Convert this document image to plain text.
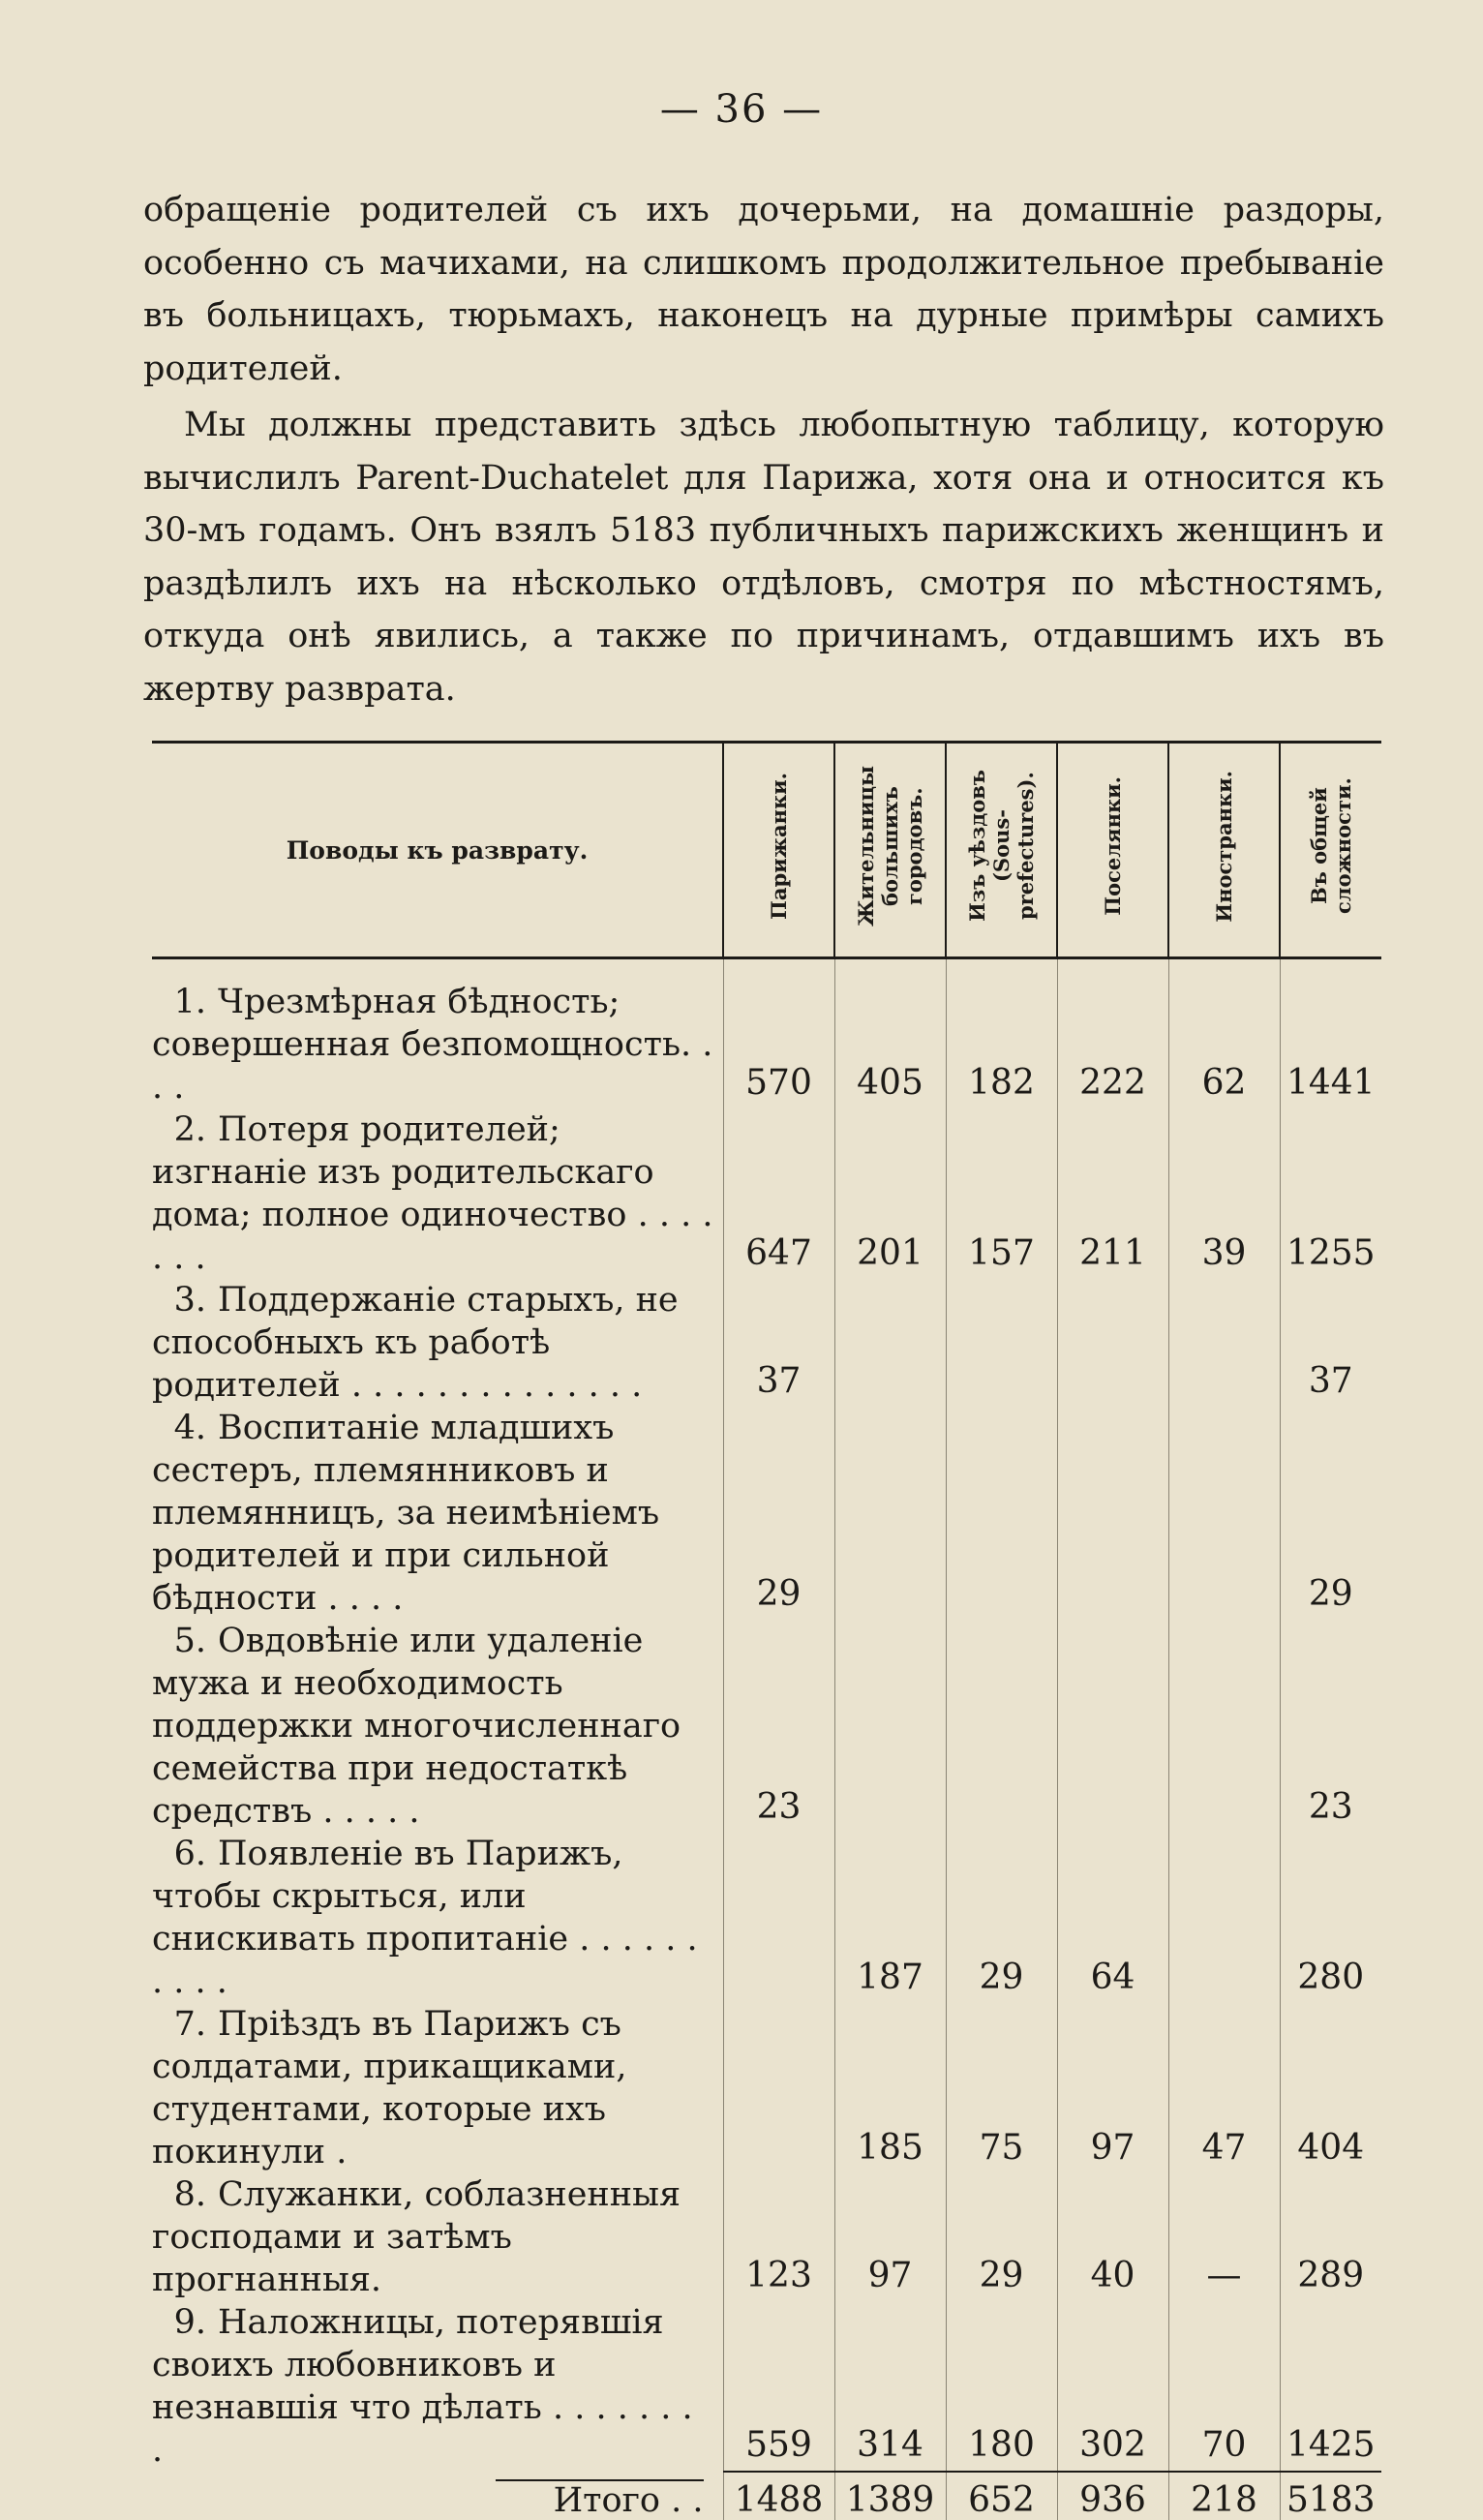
— 36 —

обращеніе родителей съ ихъ дочерьми, на домашніе раздоры, особенно съ мачихами, на слишкомъ продолжительное пребываніе въ больницахъ, тюрьмахъ, наконецъ на дурные примѣры самихъ родителей.

Мы должны представить здѣсь любопытную таблицу, которую вычислилъ Parent-Duchatelet для Парижа, хотя она и относится къ 30-мъ годамъ. Онъ взялъ 5183 публичныхъ парижскихъ женщинъ и раздѣлилъ ихъ на нѣсколько отдѣловъ, смотря по мѣстностямъ, откуда онѣ явились, а также по причинамъ, отдавшимъ ихъ въ жертву разврата.

Поводы къ разврату.	Парижанки.	Жительницы большихъ городовъ.	Изъ уѣздовъ (Sous-prefectures).	Поселянки.	Иностранки.	Въ общей сложности.
1. Чрезмѣрная бѣдность; совершенная безпомощность. . . .	570	405	182	222	62	1441
2. Потеря родителей; изгнаніе изъ родительскаго дома; полное одиночество . . . . . . .	647	201	157	211	39	1255
3. Поддержаніе старыхъ, не способныхъ къ работѣ родителей . . . . . . . . . . . . . .	37					37
4. Воспитаніе младшихъ сестеръ, племянниковъ и племянницъ, за неимѣніемъ родителей и при сильной бѣдности . . . .	29					29
5. Овдовѣніе или удаленіе мужа и необходимость поддержки многочисленнаго семейства при недостаткѣ средствъ . . . . .	23					23
6. Появленіе въ Парижъ, чтобы скрыться, или снискивать пропитаніе . . . . . . . . . .		187	29	64		280
7. Пріѣздъ въ Парижъ съ солдатами, прикащиками, студентами, которые ихъ покинули .		185	75	97	47	404
8. Служанки, соблазненныя господами и затѣмъ прогнанныя.	123	97	29	40	—	289
9. Наложницы, потерявшія своихъ любовниковъ и незнавшія что дѣлать . . . . . . . .	559	314	180	302	70	1425
Итого . .	1488	1389	652	936	218	5183
